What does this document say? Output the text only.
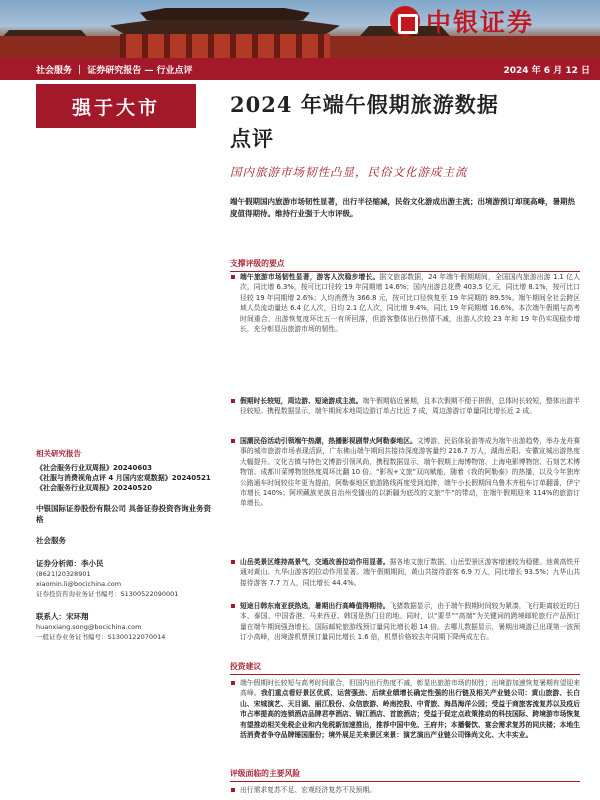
中银证券
社会服务 ｜ 证券研究报告 — 行业点评	2024 年 6 月 12 日
强于大市
相关研究报告
《社会服务行业双周报》20240603
《社服与消费视角点评 4 月国内宏观数据》20240521
《社会服务行业双周报》20240520
中银国际证券股份有限公司 具备证券投资咨询业务资格
社会服务
证券分析师：李小民
(8621)20328901
xiaomin.li@bocichina.com
证券投资咨询业务证书编号：S1300522090001
联系人：宋环翔
huanxiang.song@bocichina.com
一般证券业务证书编号：S1300122070014
2024 年端午假期旅游数据
点评
国内旅游市场韧性凸显，民俗文化游成主流
端午假期国内旅游市场韧性显著，出行半径缩减，民俗文化游成出游主流；出境游预订却现高峰，暑期热度值得期待。维持行业强于大市评级。
支撑评级的要点
端午旅游市场韧性显著，游客人次稳步增长。据文旅部数据，24 年端午假期期间，全国国内旅游出游 1.1 亿人次，同比增 6.3%，按可比口径较 19 年同期增 14.6%；国内出游总花费 403.5 亿元，同比增 8.1%，按可比口径较 19 年同期增 2.6%；人均消费为 366.8 元，按可比口径恢复至 19 年同期的 89.5%。端午期间全社会跨区域人员流动量达 6.4 亿人次，日均 2.1 亿人次，同比增 9.4%，同比 19 年同期增 16.6%。本次端午假期与高考时间重合，出游恢复度环比五一有所回落，但游客整体出行热情不减，出游人次较 23 年和 19 年仍实现稳步增长，充分彰显出旅游市场的韧性。
假期时长较短，周边游、短途游成主流。端午假期临近暑期，且本次假期不便于拼假，总体时长较短，整体出游半径较短。携程数据显示，端午期间本地周边游订单占比近 7 成，周边游游订单量同比增长近 2 成。
国潮民俗活动引领端午热潮，热播影视剧带火阿勒泰地区。文博游、民俗体验游等成为端午出游趋势，举办龙舟赛事的城市旅游市场表现活跃，广东佛山端午期间共接待深度游客量约 216.7 万人，湖南岳阳、安徽宣城出游热度大幅提升。文化古镇与特色文博游引领风尚，携程数据显示，端午假期上海博物馆、上海电影博物馆、石刻艺术博物馆、成都川菜博物馆热度周环比翻 10 倍。“影视+文旅”双向赋能，随着《我的阿勒泰》的热播，以及今年独库公路通车时间较往年更为提前，阿勒泰地区旅游路线再度受到追捧，端午小长假期间乌鲁木齐租车订单翻番，伊宁市增长 140%；阿坝藏族羌族自治州受播出的以新疆为底改的文旅“牛”的带动，在端午假期迎来 114%的旅游订单增长。
山岳类景区维持高景气，交通改善拉动作用显著。据各地文旅厅数据，山岳型景区游客增速较为稳健。池黄高铁开通对黄山、九华山游客的拉动作用显著。端午假期期间，黄山共接待游客 6.9 万人，同比增长 93.5%；九华山共接待游客 7.7 万人，同比增长 44.4%。
短途日韩东南亚获热选，暑期出行高峰值得期待。飞猪数据显示，由于端午假期时间较为紧凑，飞行距离较近的日本、泰国、中国香港、马来西亚、韩国是热门目的地。同时，以“要旱”“高端”为关键词的跨境邮轮旅行产品预订量在端午期间强劲增长。国际邮轮旅游线预订量同比增长超 14 倍。去哪儿数据显示，暑期出境游已出现第一波预订小高峰，出境游机票预订量同比增长 1.6 倍，机票价格较去年同期下降两成左右。
投资建议
端午假期时长较短与高考时间重合，但国内出行热度不减，彰显出旅游市场的韧性；出境游加速恢复暑期有望迎来高峰。我们重点看好景区优质、运营强劲、后续业绩增长确定性强的出行链及相关产业链公司：黄山旅游、长白山、宋城演艺、天目湖、丽江股份、众信旅游、岭南控股、中青旅、海昌海洋公园；受益于商旅客流复苏以及疫后市占率提高的连锁酒店品牌君亭酒店、锦江酒店、首旅酒店；受益于促定点政策推动的科技国际、跨境游市场恢复有望推动相关免税企业和内免税新加速推出，推荐中国中免、王府井；本播餐饮、宴会需求复苏的同庆楼；本地生活消费者争夺品牌锤国服份；境外展足关来景区来景：演艺演出产业链公司锋尚文化、大丰实业。
评级面临的主要风险
出行需求复苏不足、宏观经济复苏不及预期。
